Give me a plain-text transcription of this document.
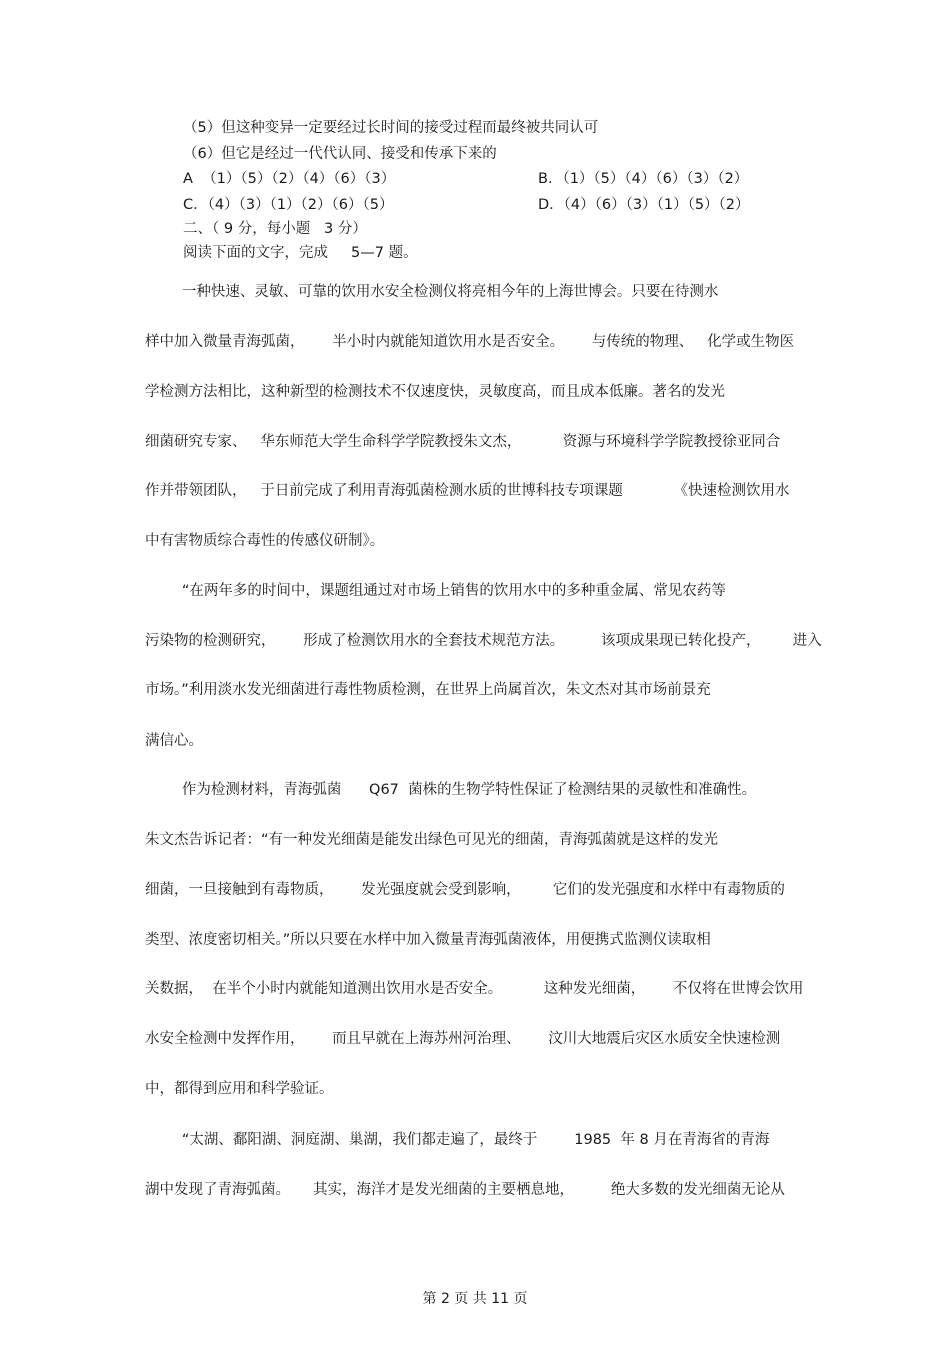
（5）但这种变异一定要经过长时间的接受过程而最终被共同认可
（6）但它是经过一代代认同、接受和传承下来的
A  （1）（5）（2）（4）（6）（3）	B．（1）（5）（4）（6）（3）（2）
C．（4）（3）（1）（2）（6）（5）	D．（4）（6）（3）（1）（5）（2）
二、（ 9 分，每小题   3 分）
阅读下面的文字，完成     5—7 题。
一种快速、灵敏、可靠的饮用水安全检测仪将亮相今年的上海世博会。只要在待测水
样中加入微量青海弧菌，      半小时内就能知道饮用水是否安全。      与传统的物理、   化学或生物医
学检测方法相比，这种新型的检测技术不仅速度快，灵敏度高，而且成本低廉。著名的发光
细菌研究专家、   华东师范大学生命科学学院教授朱文杰，         资源与环境科学学院教授徐亚同合
作并带领团队，   于日前完成了利用青海弧菌检测水质的世博科技专项课题           《快速检测饮用水
中有害物质综合毒性的传感仪研制》。
“在两年多的时间中，课题组通过对市场上销售的饮用水中的多种重金属、常见农药等
污染物的检测研究，      形成了检测饮用水的全套技术规范方法。        该项成果现已转化投产，       进入
市场。”利用淡水发光细菌进行毒性物质检测，在世界上尚属首次，朱文杰对其市场前景充
满信心。
作为检测材料，青海弧菌      Q67  菌株的生物学特性保证了检测结果的灵敏性和准确性。
朱文杰告诉记者：“有一种发光细菌是能发出绿色可见光的细菌，青海弧菌就是这样的发光
细菌，一旦接触到有毒物质，      发光强度就会受到影响，       它们的发光强度和水样中有毒物质的
类型、浓度密切相关。”所以只要在水样中加入微量青海弧菌液体，用便携式监测仪读取相
关数据，  在半个小时内就能知道测出饮用水是否安全。         这种发光细菌，      不仅将在世博会饮用
水安全检测中发挥作用，      而且早就在上海苏州河治理、      汶川大地震后灾区水质安全快速检测
中，都得到应用和科学验证。
“太湖、鄱阳湖、洞庭湖、巢湖，我们都走遍了，最终于        1985  年 8 月在青海省的青海
湖中发现了青海弧菌。     其实，海洋才是发光细菌的主要栖息地，        绝大多数的发光细菌无论从
第 2 页 共 11 页
